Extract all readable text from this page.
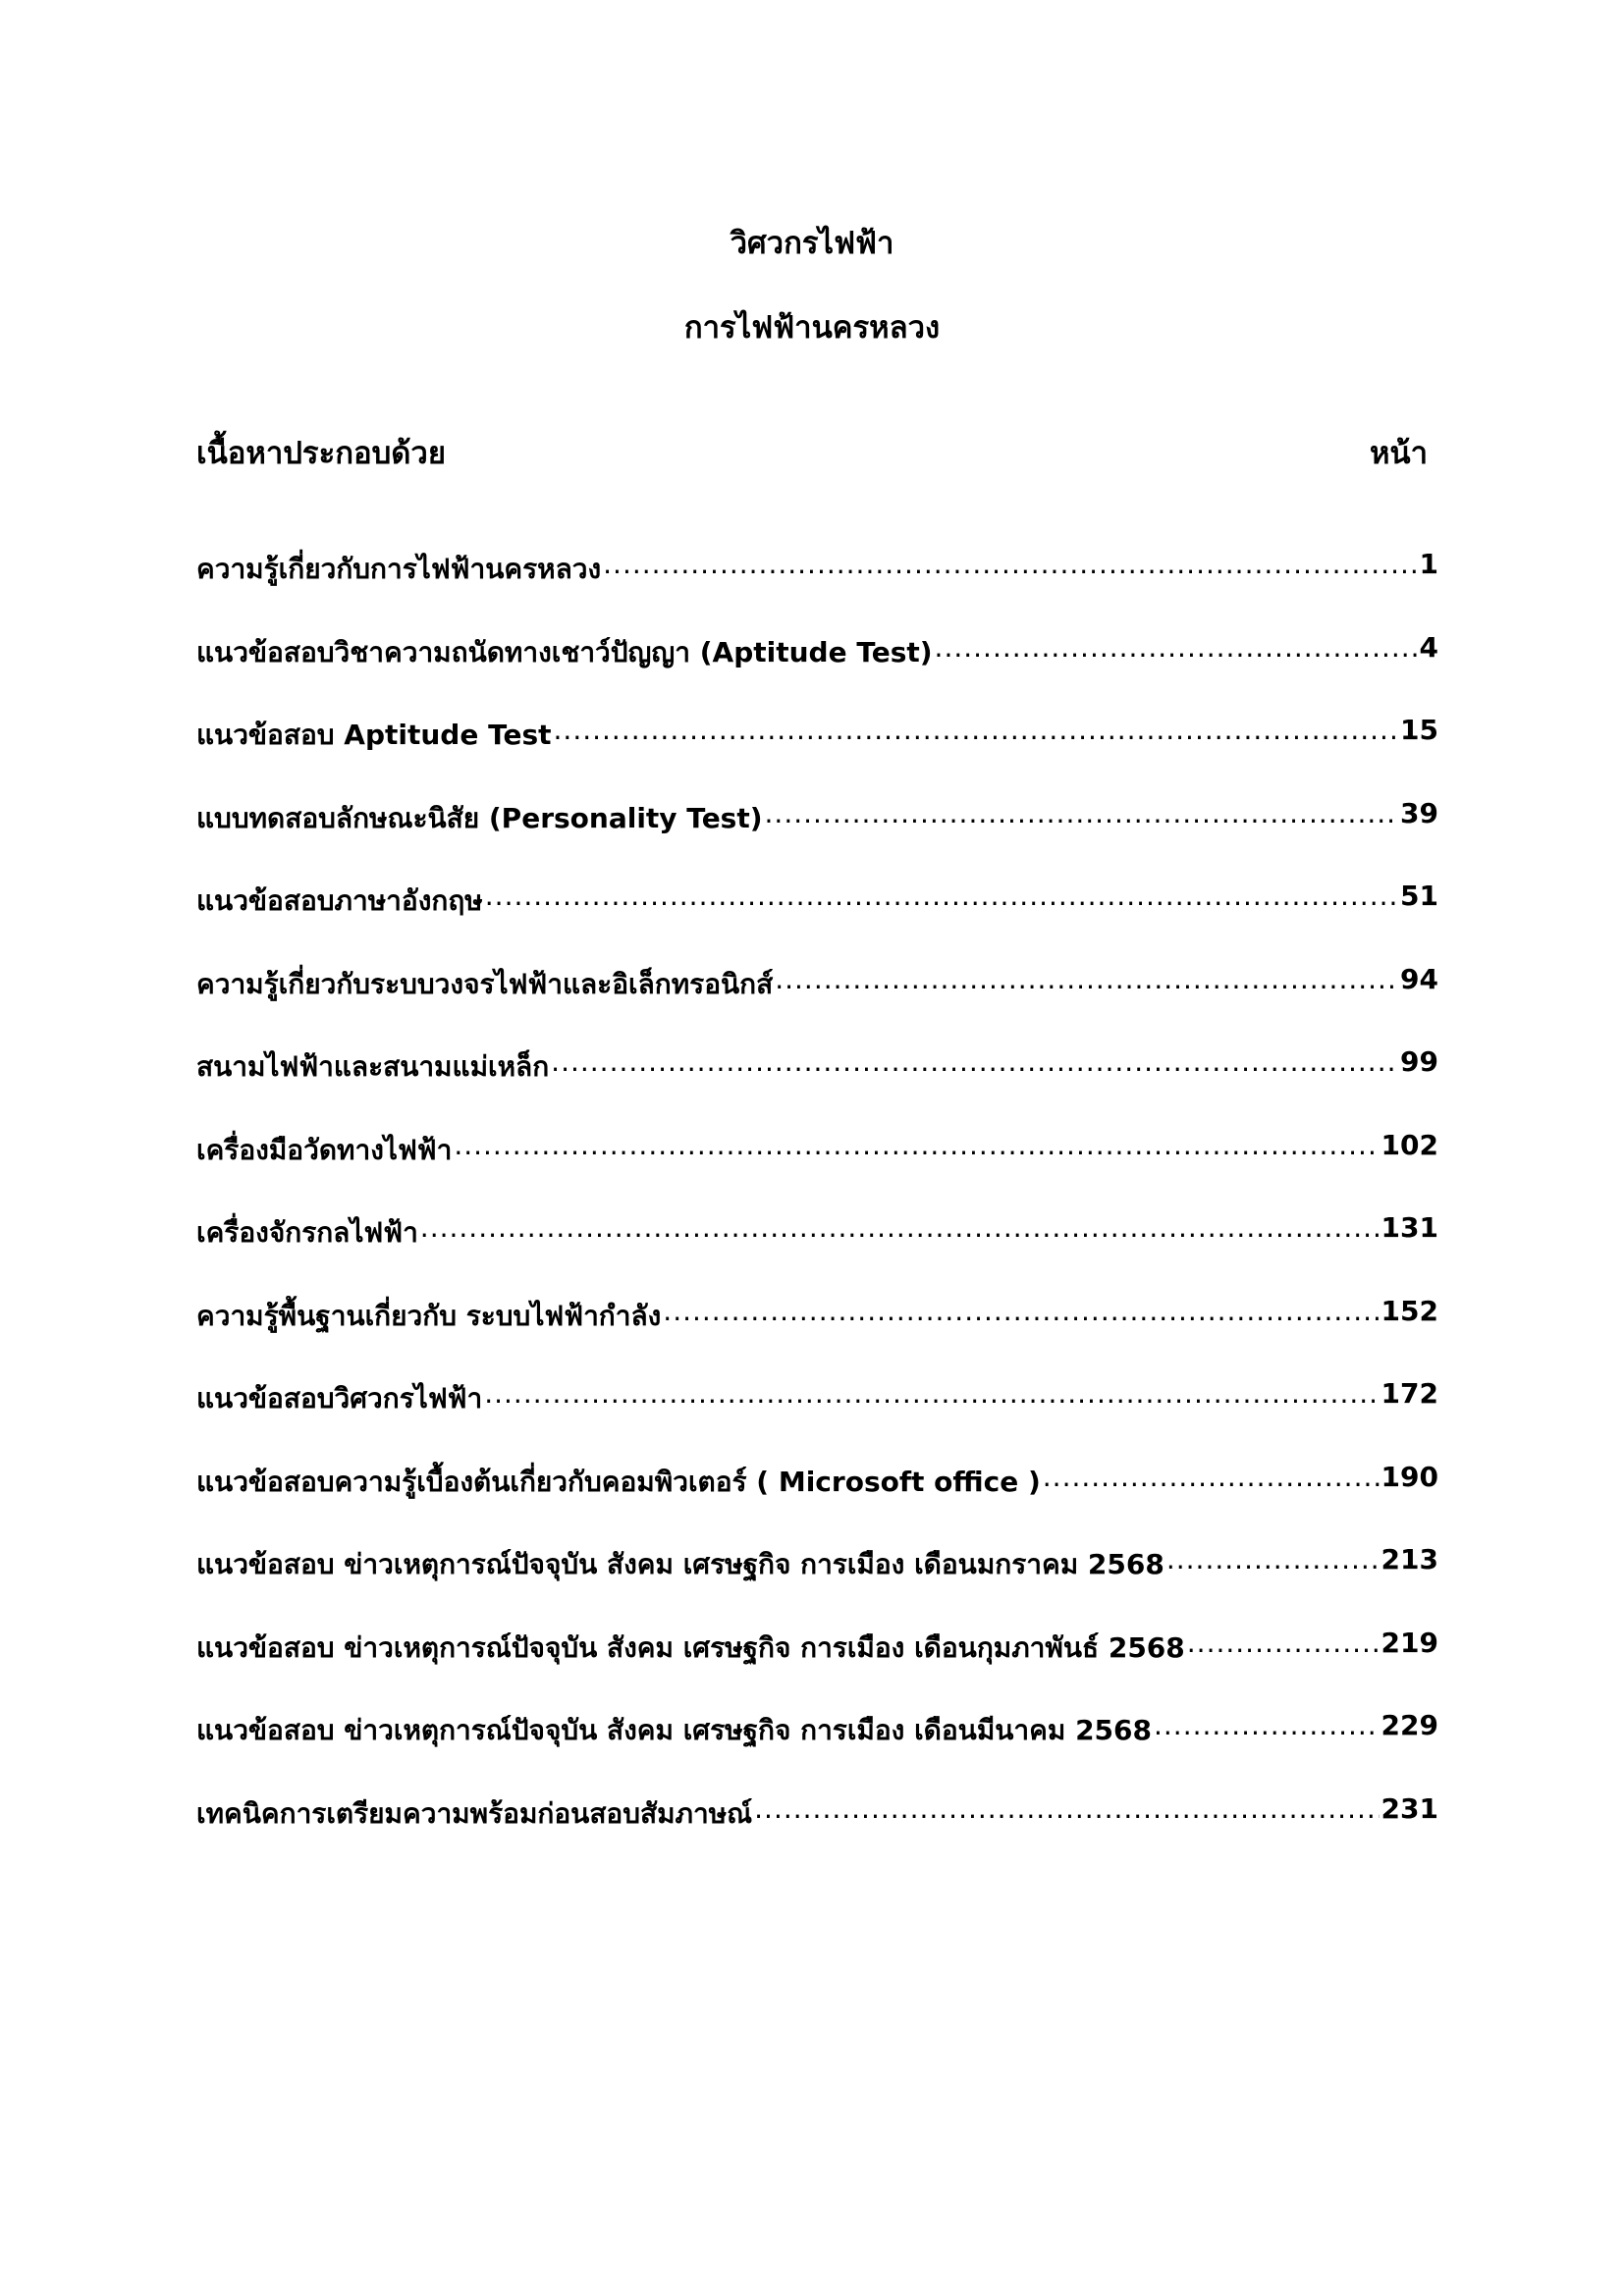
วิศวกรไฟฟ้า
การไฟฟ้านครหลวง
เนื้อหาประกอบด้วย	หน้า
ความรู้เกี่ยวกับการไฟฟ้านครหลวง .....	1
แนวข้อสอบวิชาความถนัดทางเชาว์ปัญญา (Aptitude Test) .....	4
แนวข้อสอบ Aptitude Test .....	15
แบบทดสอบลักษณะนิสัย (Personality Test) .....	39
แนวข้อสอบภาษาอังกฤษ .....	51
ความรู้เกี่ยวกับระบบวงจรไฟฟ้าและอิเล็กทรอนิกส์ .....	94
สนามไฟฟ้าและสนามแม่เหล็ก .....	99
เครื่องมือวัดทางไฟฟ้า .....	102
เครื่องจักรกลไฟฟ้า .....	131
ความรู้พื้นฐานเกี่ยวกับ ระบบไฟฟ้ากำลัง .....	152
แนวข้อสอบวิศวกรไฟฟ้า .....	172
แนวข้อสอบความรู้เบื้องต้นเกี่ยวกับคอมพิวเตอร์ ( Microsoft office ) .....	190
แนวข้อสอบ ข่าวเหตุการณ์ปัจจุบัน สังคม เศรษฐกิจ การเมือง เดือนมกราคม 2568 .....	213
แนวข้อสอบ ข่าวเหตุการณ์ปัจจุบัน สังคม เศรษฐกิจ การเมือง เดือนกุมภาพันธ์ 2568 .....	219
แนวข้อสอบ ข่าวเหตุการณ์ปัจจุบัน สังคม เศรษฐกิจ การเมือง เดือนมีนาคม 2568 .....	229
เทคนิคการเตรียมความพร้อมก่อนสอบสัมภาษณ์ .....	231
